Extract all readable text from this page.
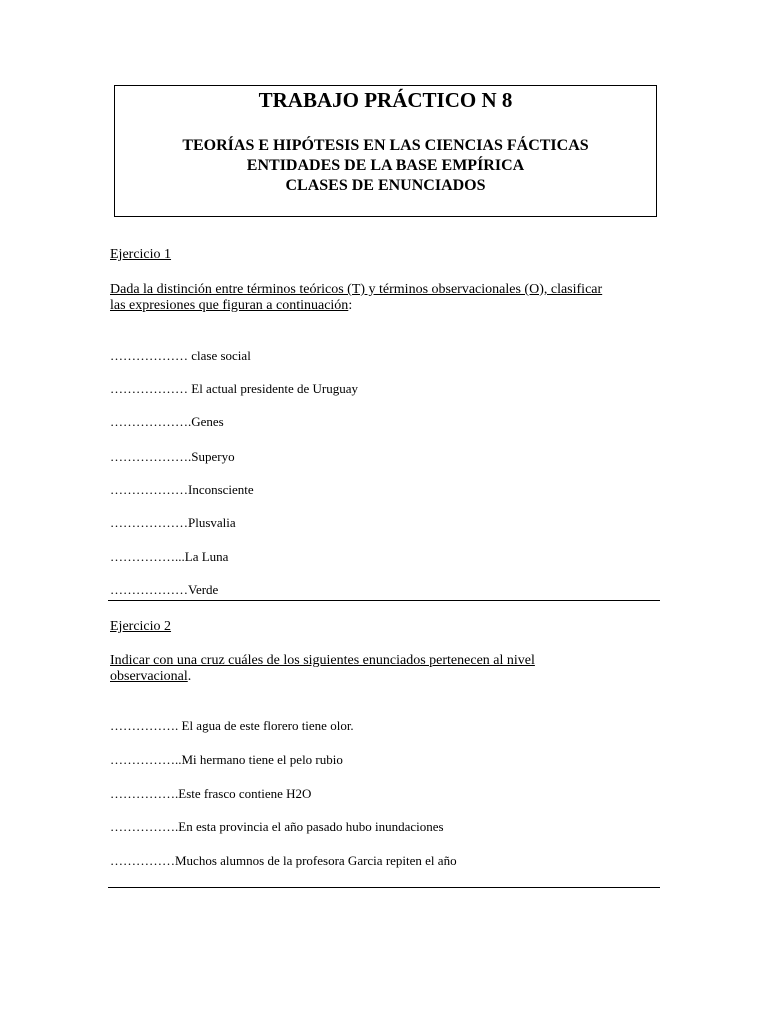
TRABAJO PRÁCTICO N 8
TEORÍAS E HIPÓTESIS EN LAS CIENCIAS FÁCTICAS
ENTIDADES DE LA BASE EMPÍRICA
CLASES DE ENUNCIADOS
Ejercicio 1
Dada la distinción entre términos teóricos (T) y términos observacionales (O), clasificar
las expresiones que figuran a continuación:
……………… clase social
……………… El actual presidente de Uruguay
……………….Genes
……………….Superyo
………………Inconsciente
………………Plusvalia
……………...La Luna
………………Verde
Ejercicio 2
Indicar con una cruz cuáles de los siguientes enunciados pertenecen al nivel
observacional.
……………. El agua de este florero tiene olor.
……………..Mi hermano tiene el pelo rubio
…………….Este frasco contiene H2O
…………….En esta provincia el año pasado hubo inundaciones
……………Muchos alumnos de la profesora Garcia repiten el año
